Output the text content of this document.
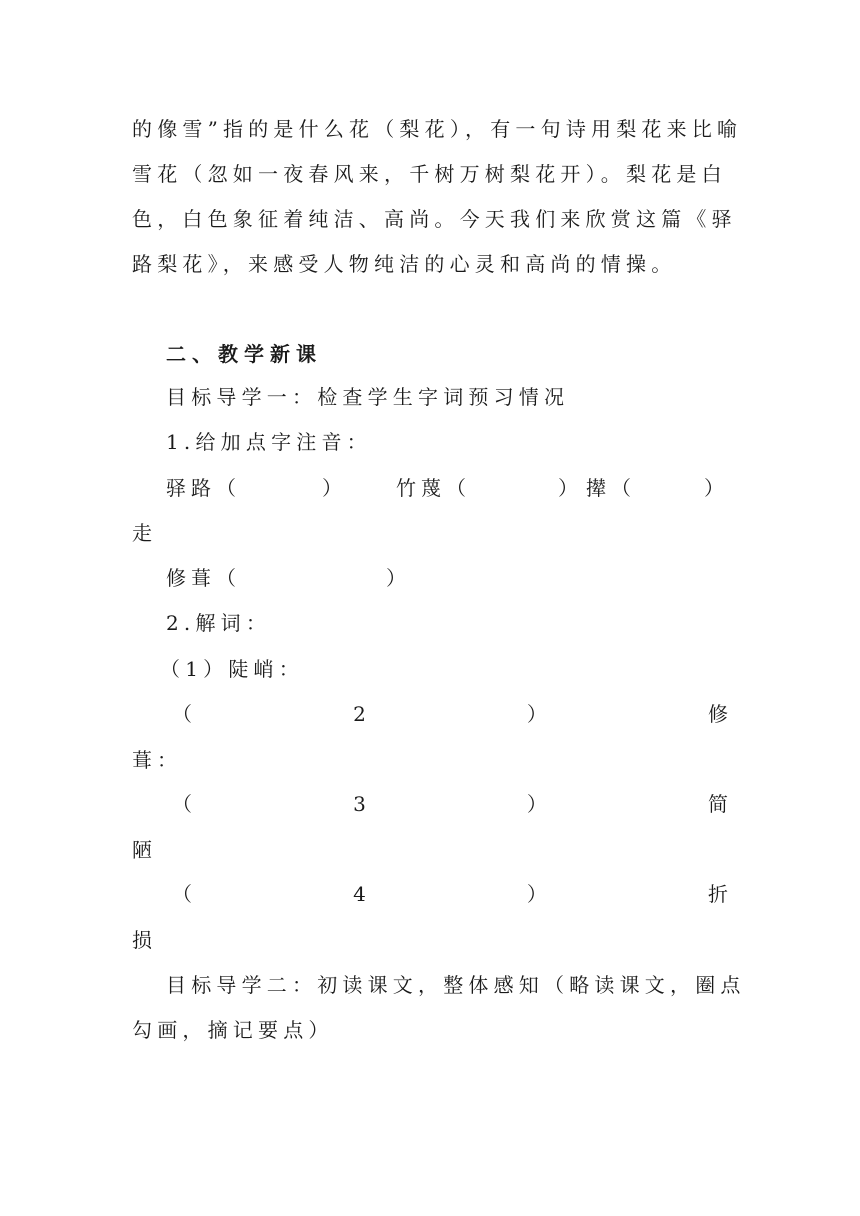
的像雪”指的是什么花（梨花），有一句诗用梨花来比喻
雪花（忽如一夜春风来，千树万树梨花开）。梨花是白
色，白色象征着纯洁、高尚。今天我们来欣赏这篇《驿
路梨花》，来感受人物纯洁的心灵和高尚的情操。
二、教学新课
目标导学一：检查学生字词预习情况
1.给加点字注音：
驿路（	） 竹蔑（	） 撵（	）
走
修葺（	）
2.解词：
（1）陡峭：
（	2	）	修
葺：
（	3	）	简
陋
（	4	）	折
损
目标导学二：初读课文，整体感知（略读课文，圈点
勾画，摘记要点）
